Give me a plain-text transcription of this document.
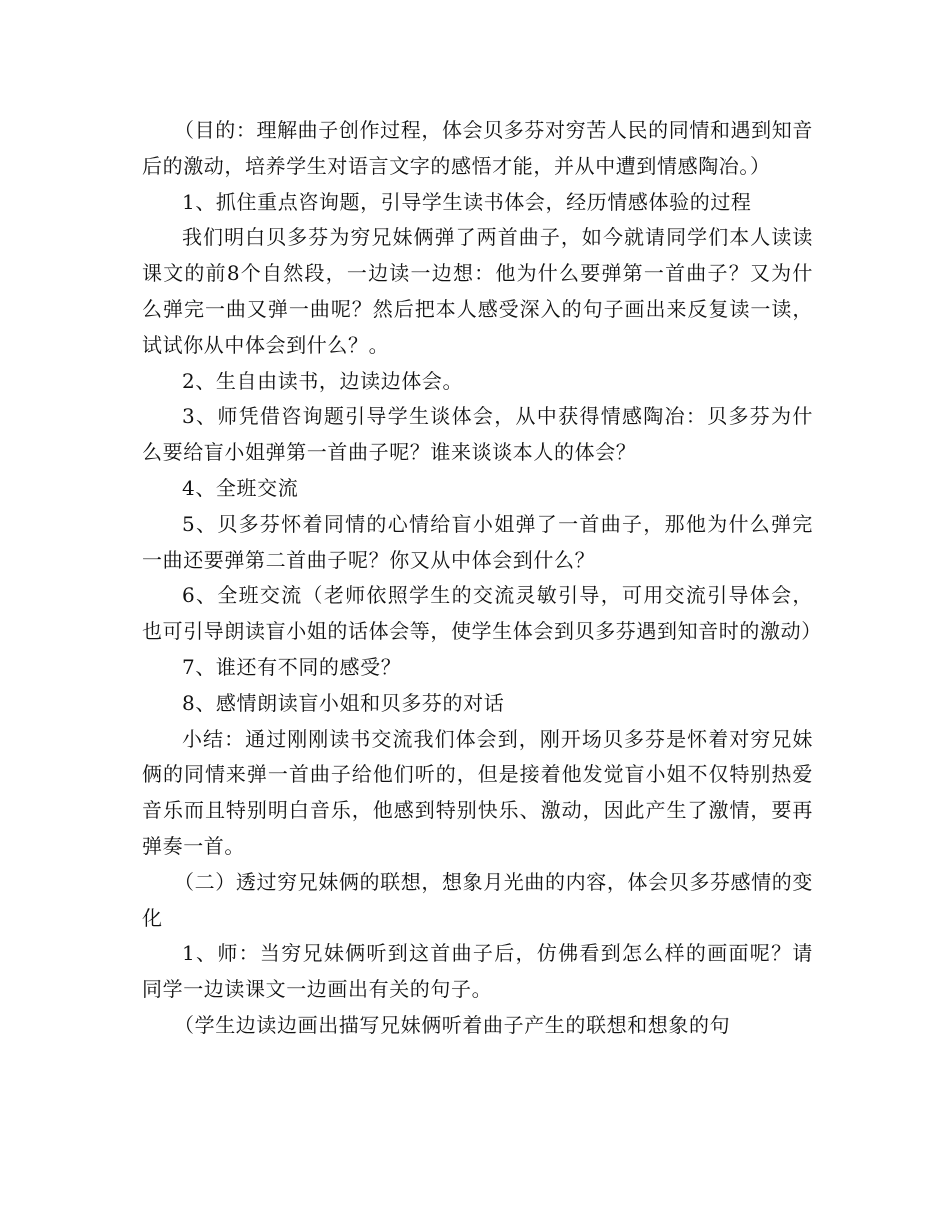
（目的：理解曲子创作过程，体会贝多芬对穷苦人民的同情和遇到知音后的激动，培养学生对语言文字的感悟才能，并从中遭到情感陶冶。）

1、抓住重点咨询题，引导学生读书体会，经历情感体验的过程

我们明白贝多芬为穷兄妹俩弹了两首曲子，如今就请同学们本人读读课文的前8个自然段，一边读一边想：他为什么要弹第一首曲子？又为什么弹完一曲又弹一曲呢？然后把本人感受深入的句子画出来反复读一读，试试你从中体会到什么？。

2、生自由读书，边读边体会。

3、师凭借咨询题引导学生谈体会，从中获得情感陶冶：贝多芬为什么要给盲小姐弹第一首曲子呢？谁来谈谈本人的体会？

4、全班交流

5、贝多芬怀着同情的心情给盲小姐弹了一首曲子，那他为什么弹完一曲还要弹第二首曲子呢？你又从中体会到什么？

6、全班交流（老师依照学生的交流灵敏引导，可用交流引导体会，也可引导朗读盲小姐的话体会等，使学生体会到贝多芬遇到知音时的激动）

7、谁还有不同的感受？

8、感情朗读盲小姐和贝多芬的对话

小结：通过刚刚读书交流我们体会到，刚开场贝多芬是怀着对穷兄妹俩的同情来弹一首曲子给他们听的，但是接着他发觉盲小姐不仅特别热爱音乐而且特别明白音乐，他感到特别快乐、激动，因此产生了激情，要再弹奏一首。

（二）透过穷兄妹俩的联想，想象月光曲的内容，体会贝多芬感情的变化

1、师：当穷兄妹俩听到这首曲子后，仿佛看到怎么样的画面呢？请同学一边读课文一边画出有关的句子。

（学生边读边画出描写兄妹俩听着曲子产生的联想和想象的句
